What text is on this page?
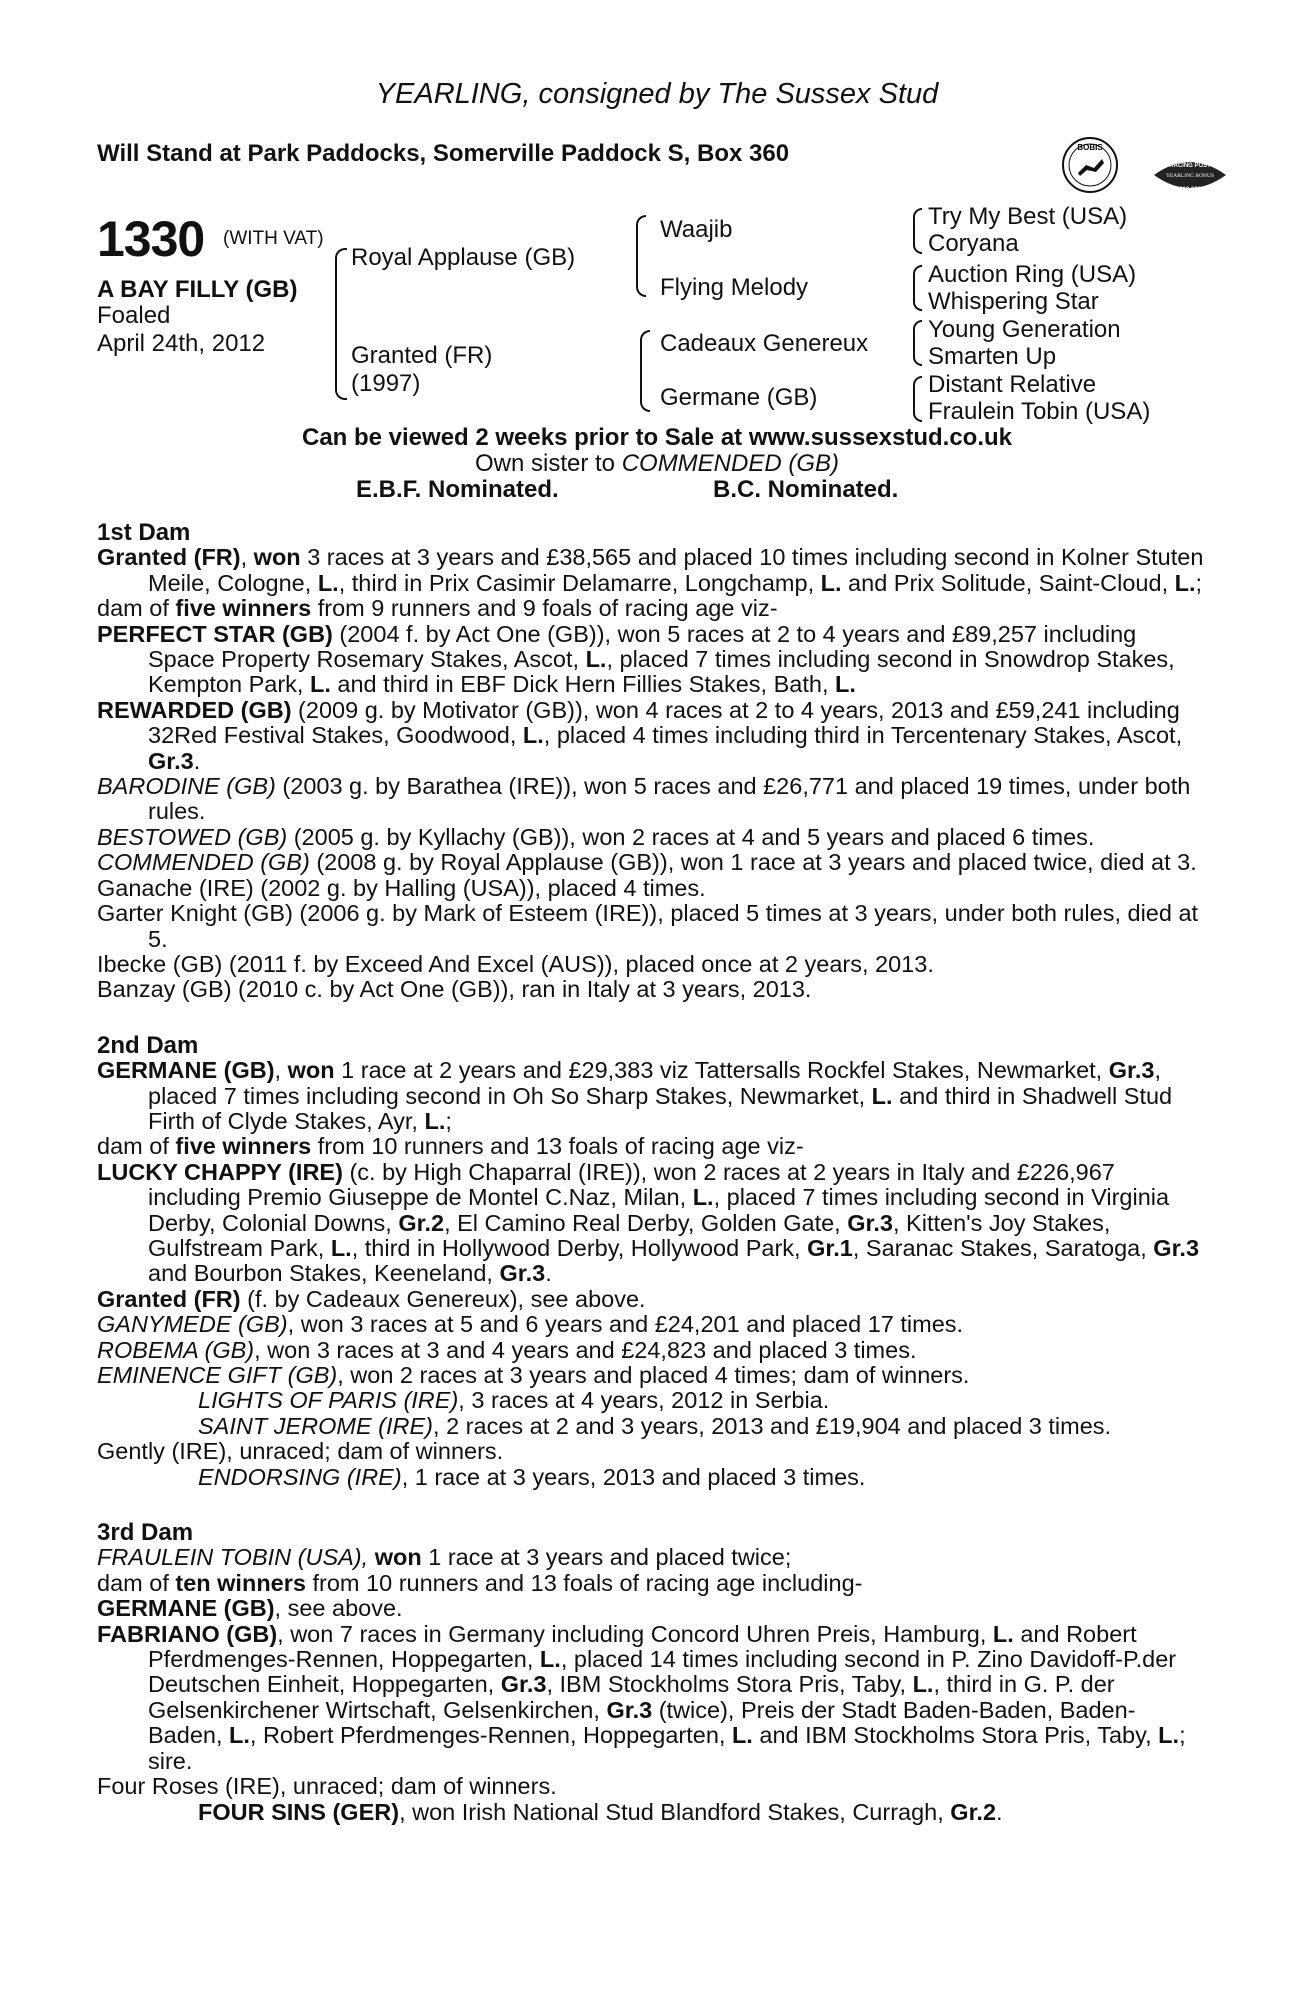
YEARLING, consigned by The Sussex Stud
Will Stand at Park Paddocks, Somerville Paddock S, Box 360	BOBIS
RACING POST
YEARLING BONUS
£10,000
1330 (WITH VAT)
A BAY FILLY (GB)
Foaled
April 24th, 2012
Royal Applause (GB)
Granted (FR)
(1997)
Waajib
Flying Melody
Cadeaux Genereux
Germane (GB)
Try My Best (USA)
Coryana
Auction Ring (USA)
Whispering Star
Young Generation
Smarten Up
Distant Relative
Fraulein Tobin (USA)
Can be viewed 2 weeks prior to Sale at www.sussexstud.co.uk
Own sister to COMMENDED (GB)
E.B.F. Nominated.	B.C. Nominated.

1st Dam

Granted (FR), won 3 races at 3 years and £38,565 and placed 10 times including second in Kolner Stuten Meile, Cologne, L., third in Prix Casimir Delamarre, Longchamp, L. and Prix Solitude, Saint-Cloud, L.;

dam of five winners from 9 runners and 9 foals of racing age viz-

PERFECT STAR (GB) (2004 f. by Act One (GB)), won 5 races at 2 to 4 years and £89,257 including Space Property Rosemary Stakes, Ascot, L., placed 7 times including second in Snowdrop Stakes, Kempton Park, L. and third in EBF Dick Hern Fillies Stakes, Bath, L.

REWARDED (GB) (2009 g. by Motivator (GB)), won 4 races at 2 to 4 years, 2013 and £59,241 including 32Red Festival Stakes, Goodwood, L., placed 4 times including third in Tercentenary Stakes, Ascot, Gr.3.

BARODINE (GB) (2003 g. by Barathea (IRE)), won 5 races and £26,771 and placed 19 times, under both rules.

BESTOWED (GB) (2005 g. by Kyllachy (GB)), won 2 races at 4 and 5 years and placed 6 times.

COMMENDED (GB) (2008 g. by Royal Applause (GB)), won 1 race at 3 years and placed twice, died at 3.

Ganache (IRE) (2002 g. by Halling (USA)), placed 4 times.

Garter Knight (GB) (2006 g. by Mark of Esteem (IRE)), placed 5 times at 3 years, under both rules, died at 5.

Ibecke (GB) (2011 f. by Exceed And Excel (AUS)), placed once at 2 years, 2013.

Banzay (GB) (2010 c. by Act One (GB)), ran in Italy at 3 years, 2013.

2nd Dam

GERMANE (GB), won 1 race at 2 years and £29,383 viz Tattersalls Rockfel Stakes, Newmarket, Gr.3, placed 7 times including second in Oh So Sharp Stakes, Newmarket, L. and third in Shadwell Stud Firth of Clyde Stakes, Ayr, L.;

dam of five winners from 10 runners and 13 foals of racing age viz-

LUCKY CHAPPY (IRE) (c. by High Chaparral (IRE)), won 2 races at 2 years in Italy and £226,967 including Premio Giuseppe de Montel C.Naz, Milan, L., placed 7 times including second in Virginia Derby, Colonial Downs, Gr.2, El Camino Real Derby, Golden Gate, Gr.3, Kitten's Joy Stakes, Gulfstream Park, L., third in Hollywood Derby, Hollywood Park, Gr.1, Saranac Stakes, Saratoga, Gr.3 and Bourbon Stakes, Keeneland, Gr.3.

Granted (FR) (f. by Cadeaux Genereux), see above.

GANYMEDE (GB), won 3 races at 5 and 6 years and £24,201 and placed 17 times.

ROBEMA (GB), won 3 races at 3 and 4 years and £24,823 and placed 3 times.

EMINENCE GIFT (GB), won 2 races at 3 years and placed 4 times; dam of winners.

LIGHTS OF PARIS (IRE), 3 races at 4 years, 2012 in Serbia.

SAINT JEROME (IRE), 2 races at 2 and 3 years, 2013 and £19,904 and placed 3 times.

Gently (IRE), unraced; dam of winners.

ENDORSING (IRE), 1 race at 3 years, 2013 and placed 3 times.

3rd Dam

FRAULEIN TOBIN (USA), won 1 race at 3 years and placed twice;

dam of ten winners from 10 runners and 13 foals of racing age including-

GERMANE (GB), see above.

FABRIANO (GB), won 7 races in Germany including Concord Uhren Preis, Hamburg, L. and Robert Pferdmenges-Rennen, Hoppegarten, L., placed 14 times including second in P. Zino Davidoff-P.der Deutschen Einheit, Hoppegarten, Gr.3, IBM Stockholms Stora Pris, Taby, L., third in G. P. der Gelsenkirchener Wirtschaft, Gelsenkirchen, Gr.3 (twice), Preis der Stadt Baden-Baden, Baden-Baden, L., Robert Pferdmenges-Rennen, Hoppegarten, L. and IBM Stockholms Stora Pris, Taby, L.; sire.

Four Roses (IRE), unraced; dam of winners.

FOUR SINS (GER), won Irish National Stud Blandford Stakes, Curragh, Gr.2.
